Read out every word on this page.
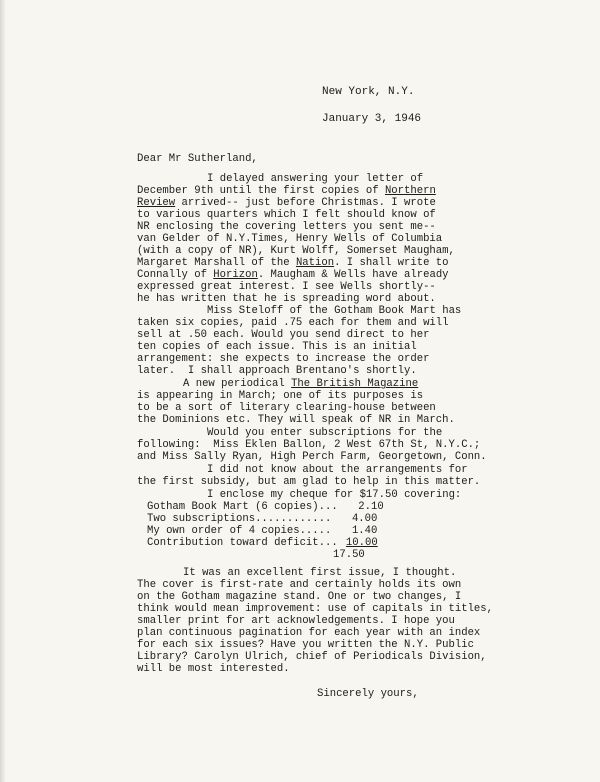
New York, N.Y.
January 3, 1946
Dear Mr Sutherland,
I delayed answering your letter of
December 9th until the first copies of Northern
Review arrived-- just before Christmas. I wrote
to various quarters which I felt should know of
NR enclosing the covering letters you sent me--
van Gelder of N.Y.Times, Henry Wells of Columbia
(with a copy of NR), Kurt Wolff, Somerset Maugham,
Margaret Marshall of the Nation. I shall write to
Connally of Horizon. Maugham & Wells have already
expressed great interest. I see Wells shortly--
he has written that he is spreading word about.
Miss Steloff of the Gotham Book Mart has
taken six copies, paid .75 each for them and will
sell at .50 each. Would you send direct to her
ten copies of each issue. This is an initial
arrangement: she expects to increase the order
later.  I shall approach Brentano's shortly.
A new periodical The British Magazine
is appearing in March; one of its purposes is
to be a sort of literary clearing-house between
the Dominions etc. They will speak of NR in March.
Would you enter subscriptions for the
following:  Miss Eklen Ballon, 2 West 67th St, N.Y.C.;
and Miss Sally Ryan, High Perch Farm, Georgetown, Conn.
I did not know about the arrangements for
the first subsidy, but am glad to help in this matter.
I enclose my cheque for $17.50 covering:
Gotham Book Mart (6 copies)... 2.10
Two subscriptions............ 4.00
My own order of 4 copies..... 1.40
Contribution toward deficit... 10.00
17.50
It was an excellent first issue, I thought.
The cover is first-rate and certainly holds its own
on the Gotham magazine stand. One or two changes, I
think would mean improvement: use of capitals in titles,
smaller print for art acknowledgements. I hope you
plan continuous pagination for each year with an index
for each six issues? Have you written the N.Y. Public
Library? Carolyn Ulrich, chief of Periodicals Division,
will be most interested.
Sincerely yours,
